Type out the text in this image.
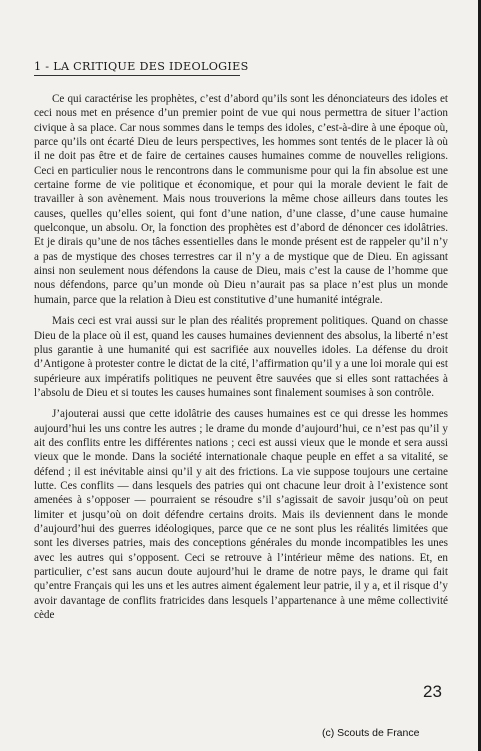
1 - LA CRITIQUE DES IDEOLOGIES

Ce qui caractérise les prophètes, c’est d’abord qu’ils sont les dénonciateurs des idoles et ceci nous met en présence d’un premier point de vue qui nous permettra de situer l’action civique à sa place. Car nous sommes dans le temps des idoles, c’est-à-dire à une époque où, parce qu’ils ont écarté Dieu de leurs perspectives, les hommes sont tentés de le placer là où il ne doit pas être et de faire de certaines causes humaines comme de nouvelles religions. Ceci en particulier nous le rencontrons dans le communisme pour qui la fin absolue est une certaine forme de vie politique et économique, et pour qui la morale devient le fait de travailler à son avènement. Mais nous trouverions la même chose ailleurs dans toutes les causes, quelles qu’elles soient, qui font d’une nation, d’une classe, d’une cause humaine quelconque, un absolu. Or, la fonction des prophètes est d’abord de dénoncer ces idolâtries. Et je dirais qu’une de nos tâches essentielles dans le monde présent est de rappeler qu’il n’y a pas de mystique des choses terrestres car il n’y a de mystique que de Dieu. En agissant ainsi non seulement nous défendons la cause de Dieu, mais c’est la cause de l’homme que nous défendons, parce qu’un monde où Dieu n’aurait pas sa place n’est plus un monde humain, parce que la relation à Dieu est constitutive d’une humanité intégrale.

Mais ceci est vrai aussi sur le plan des réalités proprement politiques. Quand on chasse Dieu de la place où il est, quand les causes humaines deviennent des absolus, la liberté n’est plus garantie à une humanité qui est sacrifiée aux nouvelles idoles. La défense du droit d’Antigone à protester contre le dictat de la cité, l’affirmation qu’il y a une loi morale qui est supérieure aux impératifs politiques ne peuvent être sauvées que si elles sont rattachées à l’absolu de Dieu et si toutes les causes humaines sont finalement soumises à son contrôle.

J’ajouterai aussi que cette idolâtrie des causes humaines est ce qui dresse les hommes aujourd’hui les uns contre les autres ; le drame du monde d’aujourd’hui, ce n’est pas qu’il y ait des conflits entre les différentes nations ; ceci est aussi vieux que le monde et sera aussi vieux que le monde. Dans la société internationale chaque peuple en effet a sa vitalité, se défend ; il est inévitable ainsi qu’il y ait des frictions. La vie suppose toujours une certaine lutte. Ces conflits — dans lesquels des patries qui ont chacune leur droit à l’existence sont amenées à s’opposer — pourraient se résoudre s’il s’agissait de savoir jusqu’où on peut limiter et jusqu’où on doit défendre certains droits. Mais ils deviennent dans le monde d’aujourd’hui des guerres idéologiques, parce que ce ne sont plus les réalités limitées que sont les diverses patries, mais des conceptions générales du monde incompatibles les unes avec les autres qui s’opposent. Ceci se retrouve à l’intérieur même des nations. Et, en particulier, c’est sans aucun doute aujourd’hui le drame de notre pays, le drame qui fait qu’entre Français qui les uns et les autres aiment également leur patrie, il y a, et il risque d’y avoir davantage de conflits fratricides dans lesquels l’appartenance à une même collectivité cède

23
(c) Scouts de France
